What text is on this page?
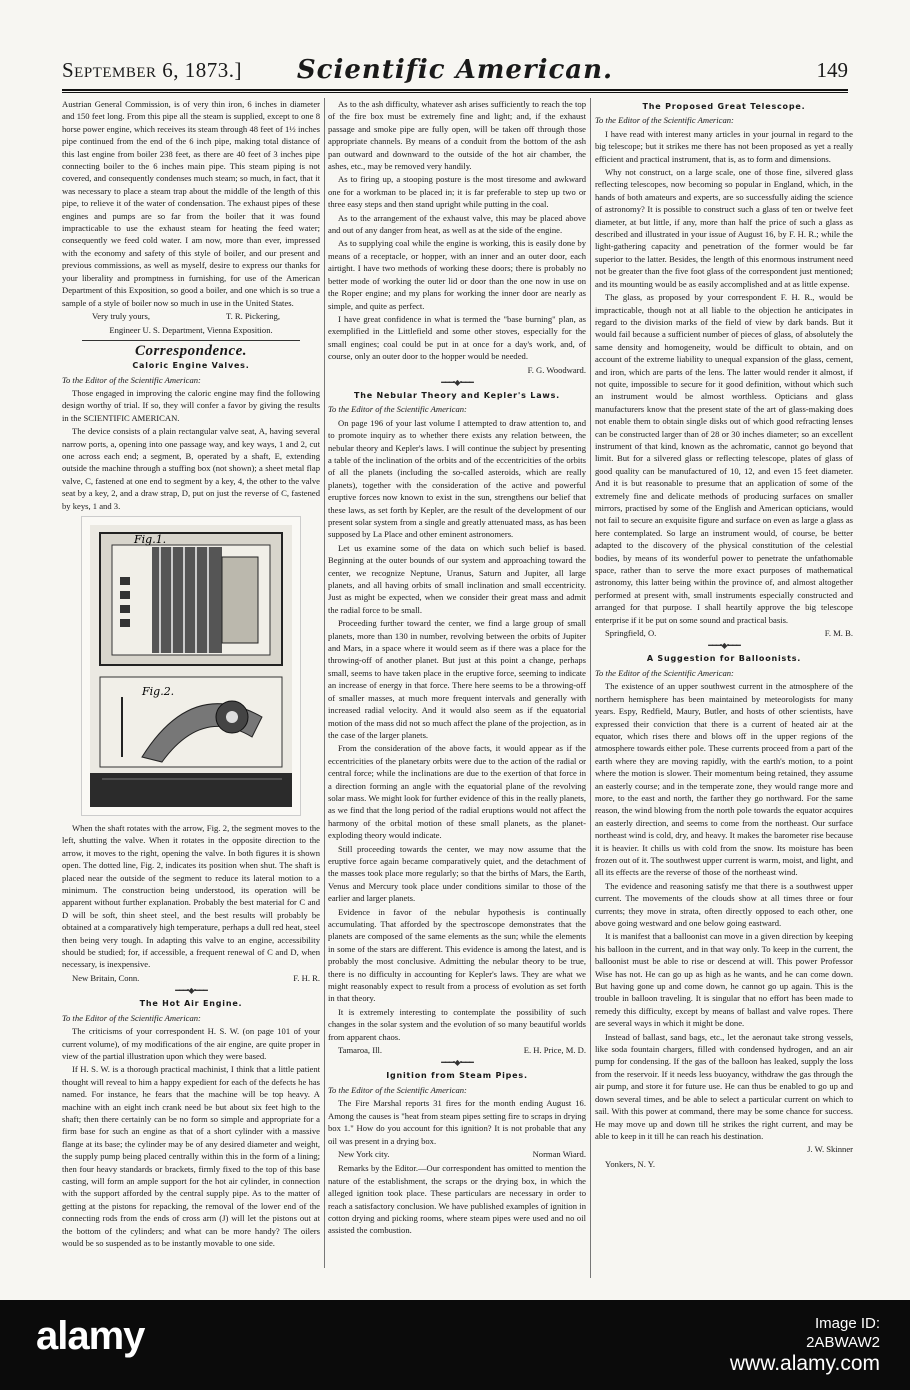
September 6, 1873.]	Scientific American.	149

Austrian General Commission, is of very thin iron, 6 inches in diameter and 150 feet long. From this pipe all the steam is supplied, except to one 8 horse power engine, which receives its steam through 48 feet of 1½ inches pipe continued from the end of the 6 inch pipe, making total distance of this last engine from boiler 238 feet, as there are 40 feet of 3 inches pipe connecting boiler to the 6 inches main pipe. This steam piping is not covered, and consequently condenses much steam; so much, in fact, that it was necessary to place a steam trap about the middle of the length of this pipe, to relieve it of the water of condensation. The exhaust pipes of these engines and pumps are so far from the boiler that it was found impracticable to use the exhaust steam for heating the feed water; consequently we feed cold water. I am now, more than ever, impressed with the economy and safety of this style of boiler, and our present and previous commissions, as well as myself, desire to express our thanks for your liberality and promptness in furnishing, for use of the American Department of this Exposition, so good a boiler, and one which is so true a sample of a style of boiler now so much in use in the United States.

Very truly yours,	T. R. Pickering,
Engineer U. S. Department, Vienna Exposition.
Correspondence.
Caloric Engine Valves.

To the Editor of the Scientific American:

Those engaged in improving the caloric engine may find the following design worthy of trial. If so, they will confer a favor by giving the results in the SCIENTIFIC AMERICAN.

The device consists of a plain rectangular valve seat, A, having several narrow ports, a, opening into one passage way, and key ways, 1 and 2, cut one across each end; a segment, B, operated by a shaft, E, extending outside the machine through a stuffing box (not shown); a sheet metal flap valve, C, fastened at one end to segment by a key, 4, the other to the valve seat by a key, 2, and a draw strap, D, put on just the reverse of C, fastened by keys, 1 and 3.

Fig.1.
Fig.2.

When the shaft rotates with the arrow, Fig. 2, the segment moves to the left, shutting the valve. When it rotates in the opposite direction to the arrow, it moves to the right, opening the valve. In both figures it is shown open. The dotted line, Fig. 2, indicates its position when shut. The shaft is placed near the outside of the segment to reduce its lateral motion to a minimum. The construction being understood, its operation will be apparent without further explanation. Probably the best material for C and D will be soft, thin sheet steel, and the best results will probably be obtained at a comparatively high temperature, perhaps a dull red heat, steel then being very tough. In adapting this valve to an engine, accessibility should be studied; for, if accessible, a frequent renewal of C and D, when necessary, is inexpensive.

New Britain, Conn.	F. H. R.
━━━•◆•━━━
The Hot Air Engine.

To the Editor of the Scientific American:

The criticisms of your correspondent H. S. W. (on page 101 of your current volume), of my modifications of the air engine, are quite proper in view of the partial illustration upon which they were based.

If H. S. W. is a thorough practical machinist, I think that a little patient thought will reveal to him a happy expedient for each of the defects he has named. For instance, he fears that the machine will be top heavy. A machine with an eight inch crank need be but about six feet high to the shaft; then there certainly can be no form so simple and appropriate for a firm base for such an engine as that of a short cylinder with a massive flange at its base; the cylinder may be of any desired diameter and weight, the supply pump being placed centrally within this in the form of a lining; then four heavy standards or brackets, firmly fixed to the top of this base casting, will form an ample support for the hot air cylinder, in connection with the support afforded by the central supply pipe. As to the matter of getting at the pistons for repacking, the removal of the lower end of the connecting rods from the ends of cross arm (J) will let the pistons out at the bottom of the cylinders; and what can be more handy? The oilers would be so suspended as to be instantly movable to one side.

As to the ash difficulty, whatever ash arises sufficiently to reach the top of the fire box must be extremely fine and light; and, if the exhaust passage and smoke pipe are fully open, will be taken off through those appropriate channels. By means of a conduit from the bottom of the ash pan outward and downward to the outside of the hot air chamber, the ashes, etc., may be removed very handily.

As to firing up, a stooping posture is the most tiresome and awkward one for a workman to be placed in; it is far preferable to step up two or three easy steps and then stand upright while putting in the coal.

As to the arrangement of the exhaust valve, this may be placed above and out of any danger from heat, as well as at the side of the engine.

As to supplying coal while the engine is working, this is easily done by means of a receptacle, or hopper, with an inner and an outer door, each airtight. I have two methods of working these doors; there is probably no better mode of working the outer lid or door than the one now in use on the Roper engine; and my plans for working the inner door are nearly as simple, and quite as perfect.

I have great confidence in what is termed the "base burning" plan, as exemplified in the Littlefield and some other stoves, especially for the small engines; coal could be put in at once for a day's work, and, of course, only an outer door to the hopper would be needed.

F. G. Woodward.
━━━•◆•━━━
The Nebular Theory and Kepler's Laws.

To the Editor of the Scientific American:

On page 196 of your last volume I attempted to draw attention to, and to promote inquiry as to whether there exists any relation between, the nebular theory and Kepler's laws. I will continue the subject by presenting a table of the inclination of the orbits and of the eccentricities of the orbits of all the planets (including the so-called asteroids, which are really planets), together with the consideration of the active and powerful eruptive forces now known to exist in the sun, strengthens our belief that these laws, as set forth by Kepler, are the result of the development of our present solar system from a single and greatly attenuated mass, as has been supposed by La Place and other eminent astronomers.

Let us examine some of the data on which such belief is based. Beginning at the outer bounds of our system and approaching toward the center, we recognize Neptune, Uranus, Saturn and Jupiter, all large planets, and all having orbits of small inclination and small eccentricity. Just as might be expected, when we consider their great mass and admit the radial force to be small.

Proceeding further toward the center, we find a large group of small planets, more than 130 in number, revolving between the orbits of Jupiter and Mars, in a space where it would seem as if there was a place for the throwing-off of another planet. But just at this point a change, perhaps small, seems to have taken place in the eruptive force, seeming to indicate an increase of energy in that force. There here seems to be a throwing-off of smaller masses, at much more frequent intervals and generally with increased radial velocity. And it would also seem as if the equatorial motion of the mass did not so much affect the plane of the projection, as in the case of the larger planets.

From the consideration of the above facts, it would appear as if the eccentricities of the planetary orbits were due to the action of the radial or central force; while the inclinations are due to the exertion of that force in a direction forming an angle with the equatorial plane of the revolving solar mass. We might look for further evidence of this in the really planets, as we find that the long period of the radial eruptions would not affect the harmony of the orbital motion of these small planets, as the planet-exploding theory would indicate.

Still proceeding towards the center, we may now assume that the eruptive force again became comparatively quiet, and the detachment of the masses took place more regularly; so that the births of Mars, the Earth, Venus and Mercury took place under conditions similar to those of the earlier and larger planets.

Evidence in favor of the nebular hypothesis is continually accumulating. That afforded by the spectroscope demonstrates that the planets are composed of the same elements as the sun; while the elements in some of the stars are different. This evidence is among the latest, and is probably the most conclusive. Admitting the nebular theory to be true, there is no difficulty in accounting for Kepler's laws. They are what we might reasonably expect to result from a process of evolution as set forth in that theory.

It is extremely interesting to contemplate the possibility of such changes in the solar system and the evolution of so many beautiful worlds from apparent chaos.

Tamaroa, Ill.	E. H. Price, M. D.
━━━•◆•━━━
Ignition from Steam Pipes.

To the Editor of the Scientific American:

The Fire Marshal reports 31 fires for the month ending August 16. Among the causes is "heat from steam pipes setting fire to scraps in drying box 1." How do you account for this ignition? It is not probable that any oil was present in a drying box.

New York city.	Norman Wiard.

Remarks by the Editor.—Our correspondent has omitted to mention the nature of the establishment, the scraps or the drying box, in which the alleged ignition took place. These particulars are necessary in order to reach a satisfactory conclusion. We have published examples of ignition in cotton drying and picking rooms, where steam pipes were used and no oil assisted the combustion.

The Proposed Great Telescope.

To the Editor of the Scientific American:

I have read with interest many articles in your journal in regard to the big telescope; but it strikes me there has not been proposed as yet a really efficient and practical instrument, that is, as to form and dimensions.

Why not construct, on a large scale, one of those fine, silvered glass reflecting telescopes, now becoming so popular in England, which, in the hands of both amateurs and experts, are so successfully aiding the science of astronomy? It is possible to construct such a glass of ten or twelve feet diameter, at but little, if any, more than half the price of such a glass as described and illustrated in your issue of August 16, by F. H. R.; while the light-gathering capacity and penetration of the former would be far superior to the latter. Besides, the length of this enormous instrument need not be greater than the five foot glass of the correspondent just mentioned; and its mounting would be as easily accomplished and at as little expense.

The glass, as proposed by your correspondent F. H. R., would be impracticable, though not at all liable to the objection he anticipates in regard to the division marks of the field of view by dark bands. But it would fail because a sufficient number of pieces of glass, of absolutely the same density and homogeneity, would be difficult to obtain, and on account of the extreme liability to unequal expansion of the glass, cement, and iron, which are parts of the lens. The latter would render it almost, if not quite, impossible to secure for it good definition, without which such an instrument would be almost worthless. Opticians and glass manufacturers know that the present state of the art of glass-making does not enable them to obtain single disks out of which good refracting lenses can be constructed larger than of 28 or 30 inches diameter; so an excellent instrument of that kind, known as the achromatic, cannot go beyond that limit. But for a silvered glass or reflecting telescope, plates of glass of good quality can be manufactured of 10, 12, and even 15 feet diameter. And it is but reasonable to presume that an application of some of the extremely fine and delicate methods of producing surfaces on smaller mirrors, practised by some of the English and American opticians, would not fail to secure an exquisite figure and surface on even as large a glass as here contemplated. So large an instrument would, of course, be better adapted to the discovery of the physical constitution of the celestial bodies, by means of its wonderful power to penetrate the unfathomable space, rather than to serve the more exact purposes of mathematical astronomy, this latter being within the province of, and almost altogether performed at present with, small instruments especially constructed and arranged for that purpose. I shall heartily approve the big telescope enterprise if it be put on some sound and practical basis.

Springfield, O.	F. M. B.
━━━•◆•━━━
A Suggestion for Balloonists.

To the Editor of the Scientific American:

The existence of an upper southwest current in the atmosphere of the northern hemisphere has been maintained by meteorologists for many years. Espy, Redfield, Maury, Butler, and hosts of other scientists, have expressed their conviction that there is a current of heated air at the equator, which rises there and blows off in the upper regions of the atmosphere towards either pole. These currents proceed from a part of the earth where they are moving rapidly, with the earth's motion, to a point where the motion is slower. Their momentum being retained, they assume an easterly course; and in the temperate zone, they would range more and more, to the east and north, the farther they go northward. For the same reason, the wind blowing from the north pole towards the equator acquires an easterly direction, and seems to come from the northeast. Our surface northeast wind is cold, dry, and heavy. It makes the barometer rise because it is heavier. It chills us with cold from the snow. Its moisture has been frozen out of it. The southwest upper current is warm, moist, and light, and all its effects are the reverse of those of the northeast wind.

The evidence and reasoning satisfy me that there is a southwest upper current. The movements of the clouds show at all times three or four currents; they move in strata, often directly opposed to each other, one above going westward and one below going eastward.

It is manifest that a balloonist can move in a given direction by keeping his balloon in the current, and in that way only. To keep in the current, the balloonist must be able to rise or descend at will. This power Professor Wise has not. He can go up as high as he wants, and he can come down. But having gone up and come down, he cannot go up again. This is the trouble in balloon traveling. It is singular that no effort has been made to remedy this difficulty, except by means of ballast and valve ropes. There are several ways in which it might be done.

Instead of ballast, sand bags, etc., let the aeronaut take strong vessels, like soda fountain chargers, filled with condensed hydrogen, and an air pump for condensing. If the gas of the balloon has leaked, supply the loss from the reservoir. If it needs less buoyancy, withdraw the gas through the air pump, and store it for future use. He can thus be enabled to go up and down several times, and be able to select a particular current on which to sail. With this power at command, there may be some chance for success. He may move up and down till he strikes the right current, and may be able to keep in it till he can reach his destination.

J. W. Skinner
Yonkers, N. Y.
alamy	Image ID:
2ABWAW2
www.alamy.com
